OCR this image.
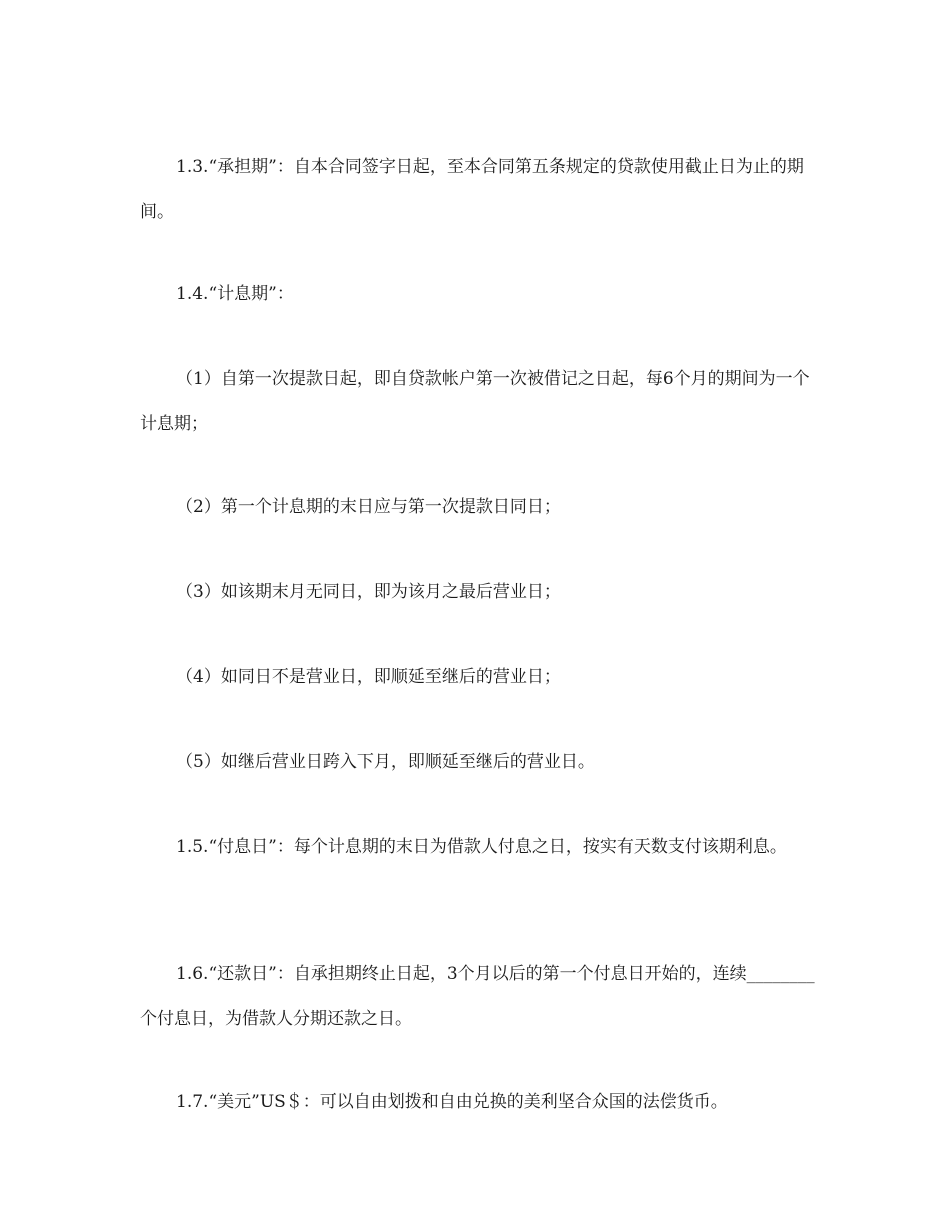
1.3.“承担期”：自本合同签字日起，至本合同第五条规定的贷款使用截止日为止的期间。

1.4.“计息期”：

（1）自第一次提款日起，即自贷款帐户第一次被借记之日起，每6个月的期间为一个计息期；

（2）第一个计息期的末日应与第一次提款日同日；

（3）如该期末月无同日，即为该月之最后营业日；

（4）如同日不是营业日，即顺延至继后的营业日；

（5）如继后营业日跨入下月，即顺延至继后的营业日。

1.5.“付息日”：每个计息期的末日为借款人付息之日，按实有天数支付该期利息。

1.6.“还款日”：自承担期终止日起，3个月以后的第一个付息日开始的，连续________个付息日，为借款人分期还款之日。

1.7.“美元”US＄：可以自由划拨和自由兑换的美利坚合众国的法偿货币。
